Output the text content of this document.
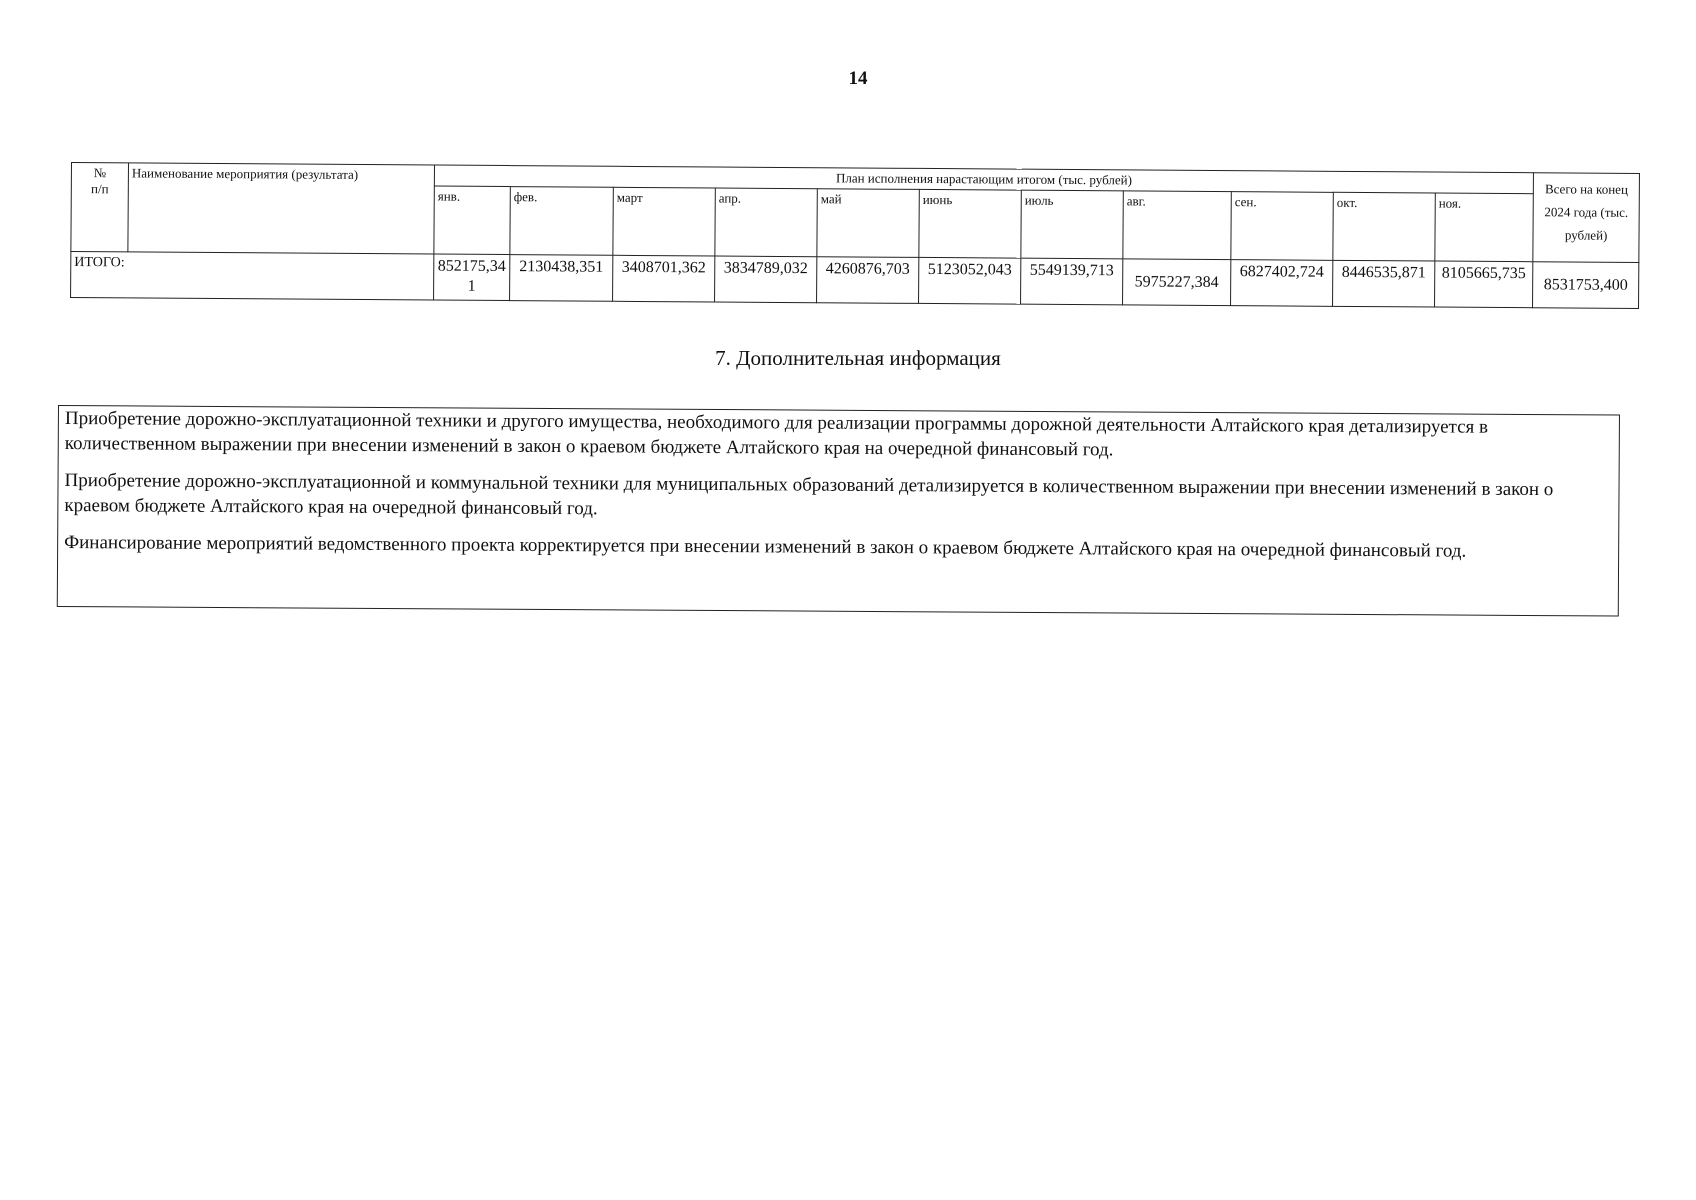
14
№
п/п	Наименование мероприятия (результата)	План исполнения нарастающим итогом (тыс. рублей)											Всего на конец 2024 года (тыс. рублей)
		янв.	фев.	март	апр.	май	июнь	июль	авг.	сен.	окт.	ноя.	
ИТОГО:		852175,341	2130438,351	3408701,362	3834789,032	4260876,703	5123052,043	5549139,713	5975227,384	6827402,724	8446535,871	8105665,735	8531753,400
7. Дополнительная информация

Приобретение дорожно-эксплуатационной техники и другого имущества, необходимого для реализации программы дорожной деятельности Алтайского края детализируется в количественном выражении при внесении изменений в закон о краевом бюджете Алтайского края на очередной финансовый год.

Приобретение дорожно-эксплуатационной и коммунальной техники для муниципальных образований детализируется в количественном выражении при внесении изменений в закон о краевом бюджете Алтайского края на очередной финансовый год.

Финансирование мероприятий ведомственного проекта корректируется при внесении изменений в закон о краевом бюджете Алтайского края на очередной финансовый год.
